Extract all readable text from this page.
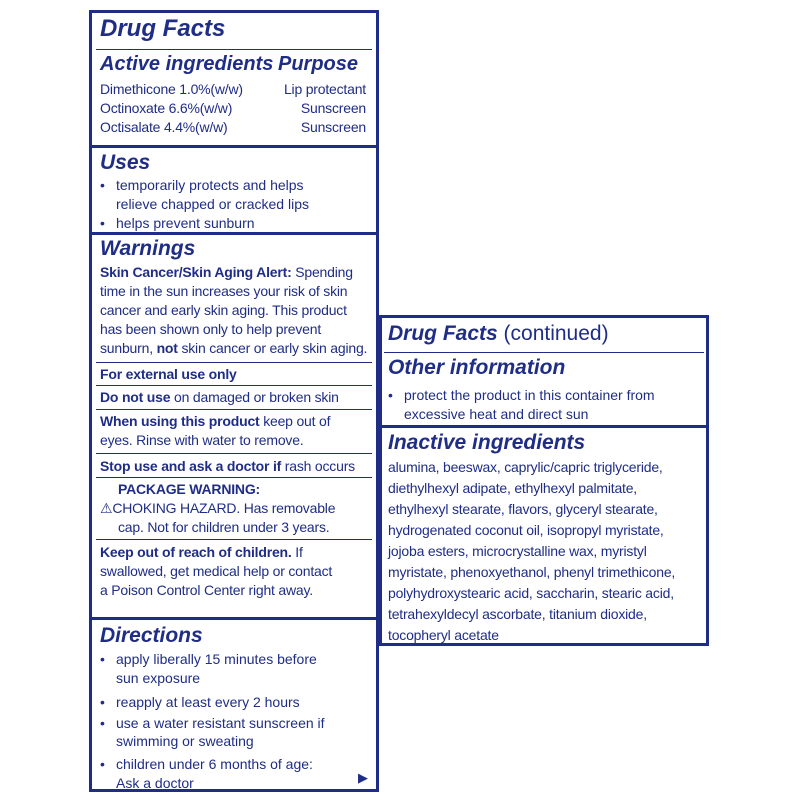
Drug Facts
Active ingredients Purpose
Dimethicone 1.0%(w/w)	Lip protectant
Octinoxate 6.6%(w/w)	Sunscreen
Octisalate 4.4%(w/w)	Sunscreen
Uses
• temporarily protects and helps
relieve chapped or cracked lips
• helps prevent sunburn
Warnings
Skin Cancer/Skin Aging Alert: Spending
time in the sun increases your risk of skin
cancer and early skin aging. This product
has been shown only to help prevent
sunburn, not skin cancer or early skin aging.
For external use only
Do not use on damaged or broken skin
When using this product keep out of
eyes. Rinse with water to remove.
Stop use and ask a doctor if rash occurs
PACKAGE WARNING:
⚠CHOKING HAZARD. Has removable
cap. Not for children under 3 years.
Keep out of reach of children. If
swallowed, get medical help or contact
a Poison Control Center right away.
Directions
• apply liberally 15 minutes before
sun exposure
• reapply at least every 2 hours
• use a water resistant sunscreen if
swimming or sweating
• children under 6 months of age:
Ask a doctor	▶
Drug Facts (continued)
Other information
• protect the product in this container from
excessive heat and direct sun
Inactive ingredients
alumina, beeswax, caprylic/capric triglyceride,
diethylhexyl adipate, ethylhexyl palmitate,
ethylhexyl stearate, flavors, glyceryl stearate,
hydrogenated coconut oil, isopropyl myristate,
jojoba esters, microcrystalline wax, myristyl
myristate, phenoxyethanol, phenyl trimethicone,
polyhydroxystearic acid, saccharin, stearic acid,
tetrahexyldecyl ascorbate, titanium dioxide,
tocopheryl acetate
